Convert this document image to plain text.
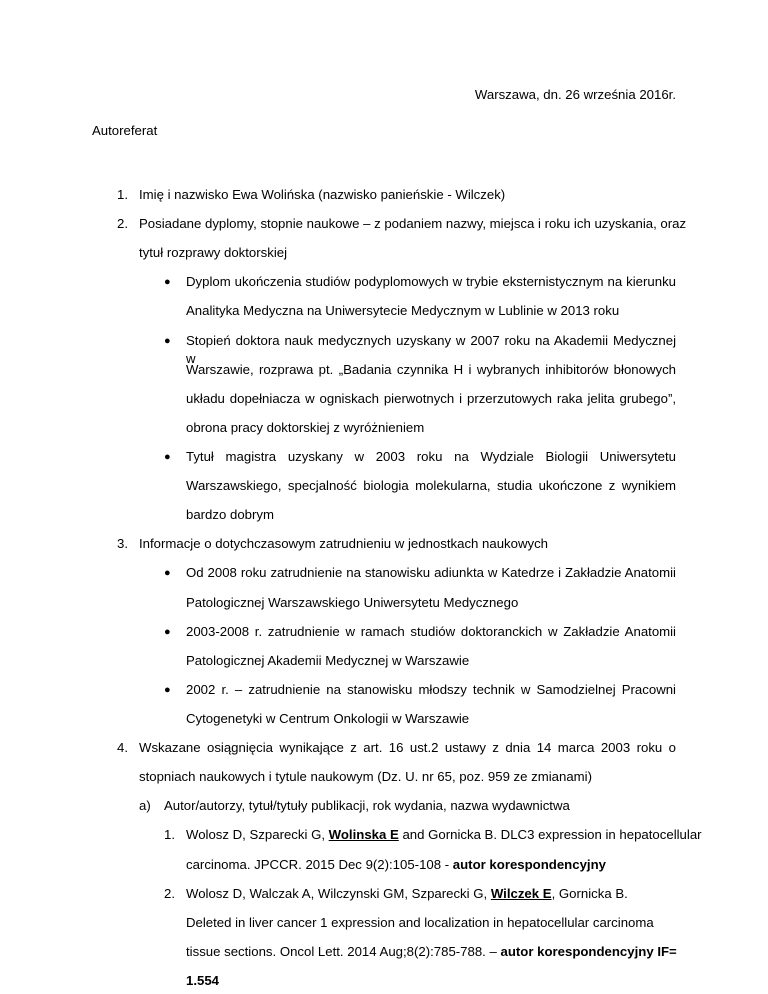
Warszawa, dn. 26 września 2016r.
Autoreferat
1. Imię i nazwisko Ewa Wolińska (nazwisko panieńskie - Wilczek)
2. Posiadane dyplomy, stopnie naukowe – z podaniem nazwy, miejsca i roku ich uzyskania, oraz
tytuł rozprawy doktorskiej
● Dyplom ukończenia studiów podyplomowych w trybie eksternistycznym na kierunku
Analityka Medyczna na Uniwersytecie Medycznym w Lublinie w 2013 roku
● Stopień doktora nauk medycznych uzyskany w 2007 roku na Akademii Medycznej w
Warszawie, rozprawa pt. „Badania czynnika H i wybranych inhibitorów błonowych
układu dopełniacza w ogniskach pierwotnych i przerzutowych raka jelita grubego”,
obrona pracy doktorskiej z wyróżnieniem
● Tytuł magistra uzyskany w 2003 roku na Wydziale Biologii Uniwersytetu
Warszawskiego, specjalność biologia molekularna, studia ukończone z wynikiem
bardzo dobrym
3. Informacje o dotychczasowym zatrudnieniu w jednostkach naukowych
● Od 2008 roku zatrudnienie na stanowisku adiunkta w Katedrze i Zakładzie Anatomii
Patologicznej Warszawskiego Uniwersytetu Medycznego
● 2003-2008 r. zatrudnienie w ramach studiów doktoranckich w Zakładzie Anatomii
Patologicznej Akademii Medycznej w Warszawie
● 2002 r. – zatrudnienie na stanowisku młodszy technik w Samodzielnej Pracowni
Cytogenetyki w Centrum Onkologii w Warszawie
4. Wskazane osiągnięcia wynikające z art. 16 ust.2 ustawy z dnia 14 marca 2003 roku o
stopniach naukowych i tytule naukowym (Dz. U. nr 65, poz. 959 ze zmianami)
a) Autor/autorzy, tytuł/tytuły publikacji, rok wydania, nazwa wydawnictwa
1. Wolosz D, Szparecki G, Wolinska E and Gornicka B. DLC3 expression in hepatocellular
carcinoma. JPCCR. 2015 Dec 9(2):105-108 - autor korespondencyjny
2. Wolosz D, Walczak A, Wilczynski GM, Szparecki G, Wilczek E, Gornicka B.
Deleted in liver cancer 1 expression and localization in hepatocellular carcinoma
tissue sections. Oncol Lett. 2014 Aug;8(2):785-788. – autor korespondencyjny IF=
1.554
